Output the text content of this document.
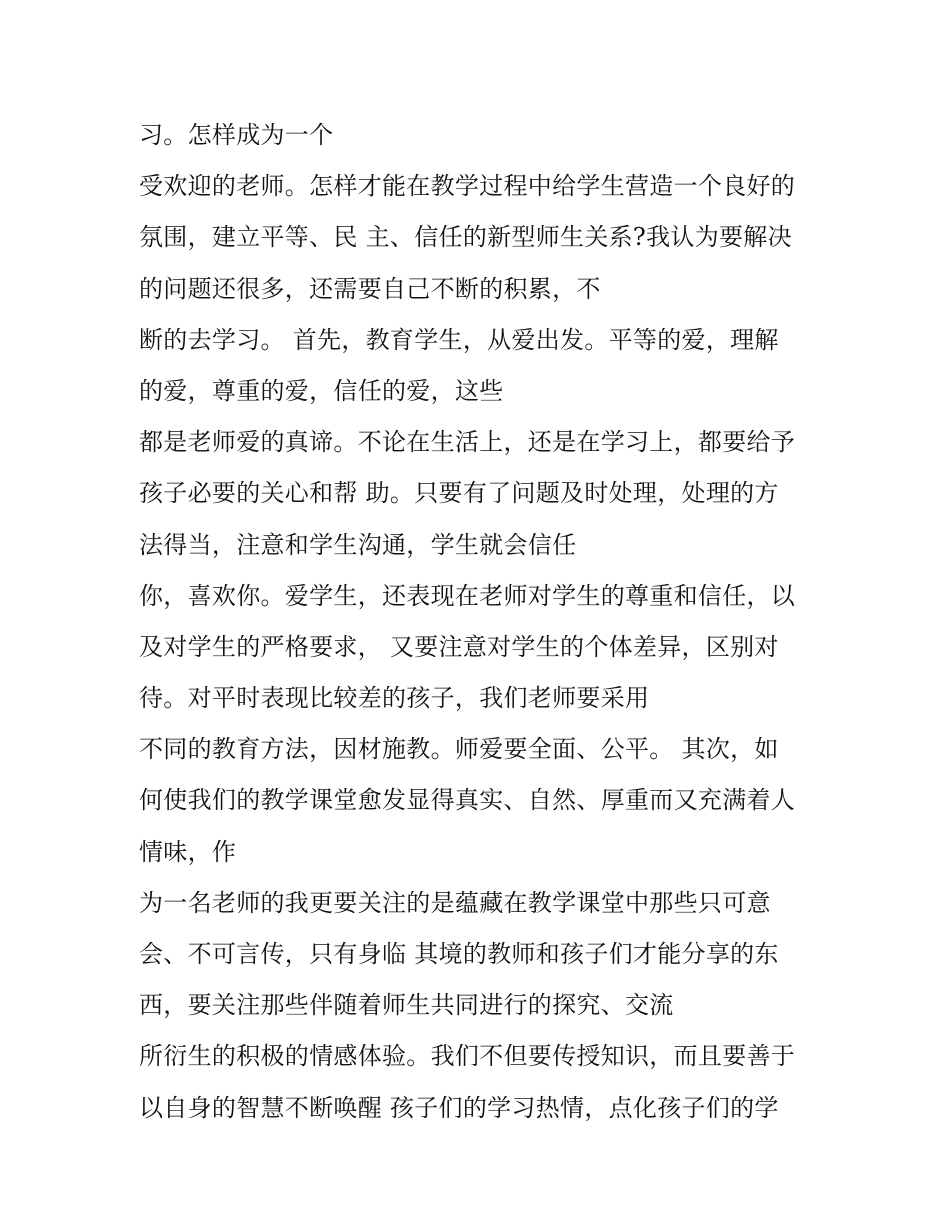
习。怎样成为一个
受欢迎的老师。怎样才能在教学过程中给学生营造一个良好的
氛围，建立平等、民 主、信任的新型师生关系?我认为要解决
的问题还很多，还需要自己不断的积累，不
断的去学习。 首先，教育学生，从爱出发。平等的爱，理解
的爱，尊重的爱，信任的爱，这些
都是老师爱的真谛。不论在生活上，还是在学习上，都要给予
孩子必要的关心和帮 助。只要有了问题及时处理，处理的方
法得当，注意和学生沟通，学生就会信任
你，喜欢你。爱学生，还表现在老师对学生的尊重和信任，以
及对学生的严格要求， 又要注意对学生的个体差异，区别对
待。对平时表现比较差的孩子，我们老师要采用
不同的教育方法，因材施教。师爱要全面、公平。 其次，如
何使我们的教学课堂愈发显得真实、自然、厚重而又充满着人
情味，作
为一名老师的我更要关注的是蕴藏在教学课堂中那些只可意
会、不可言传，只有身临 其境的教师和孩子们才能分享的东
西，要关注那些伴随着师生共同进行的探究、交流
所衍生的积极的情感体验。我们不但要传授知识，而且要善于
以自身的智慧不断唤醒 孩子们的学习热情，点化孩子们的学
